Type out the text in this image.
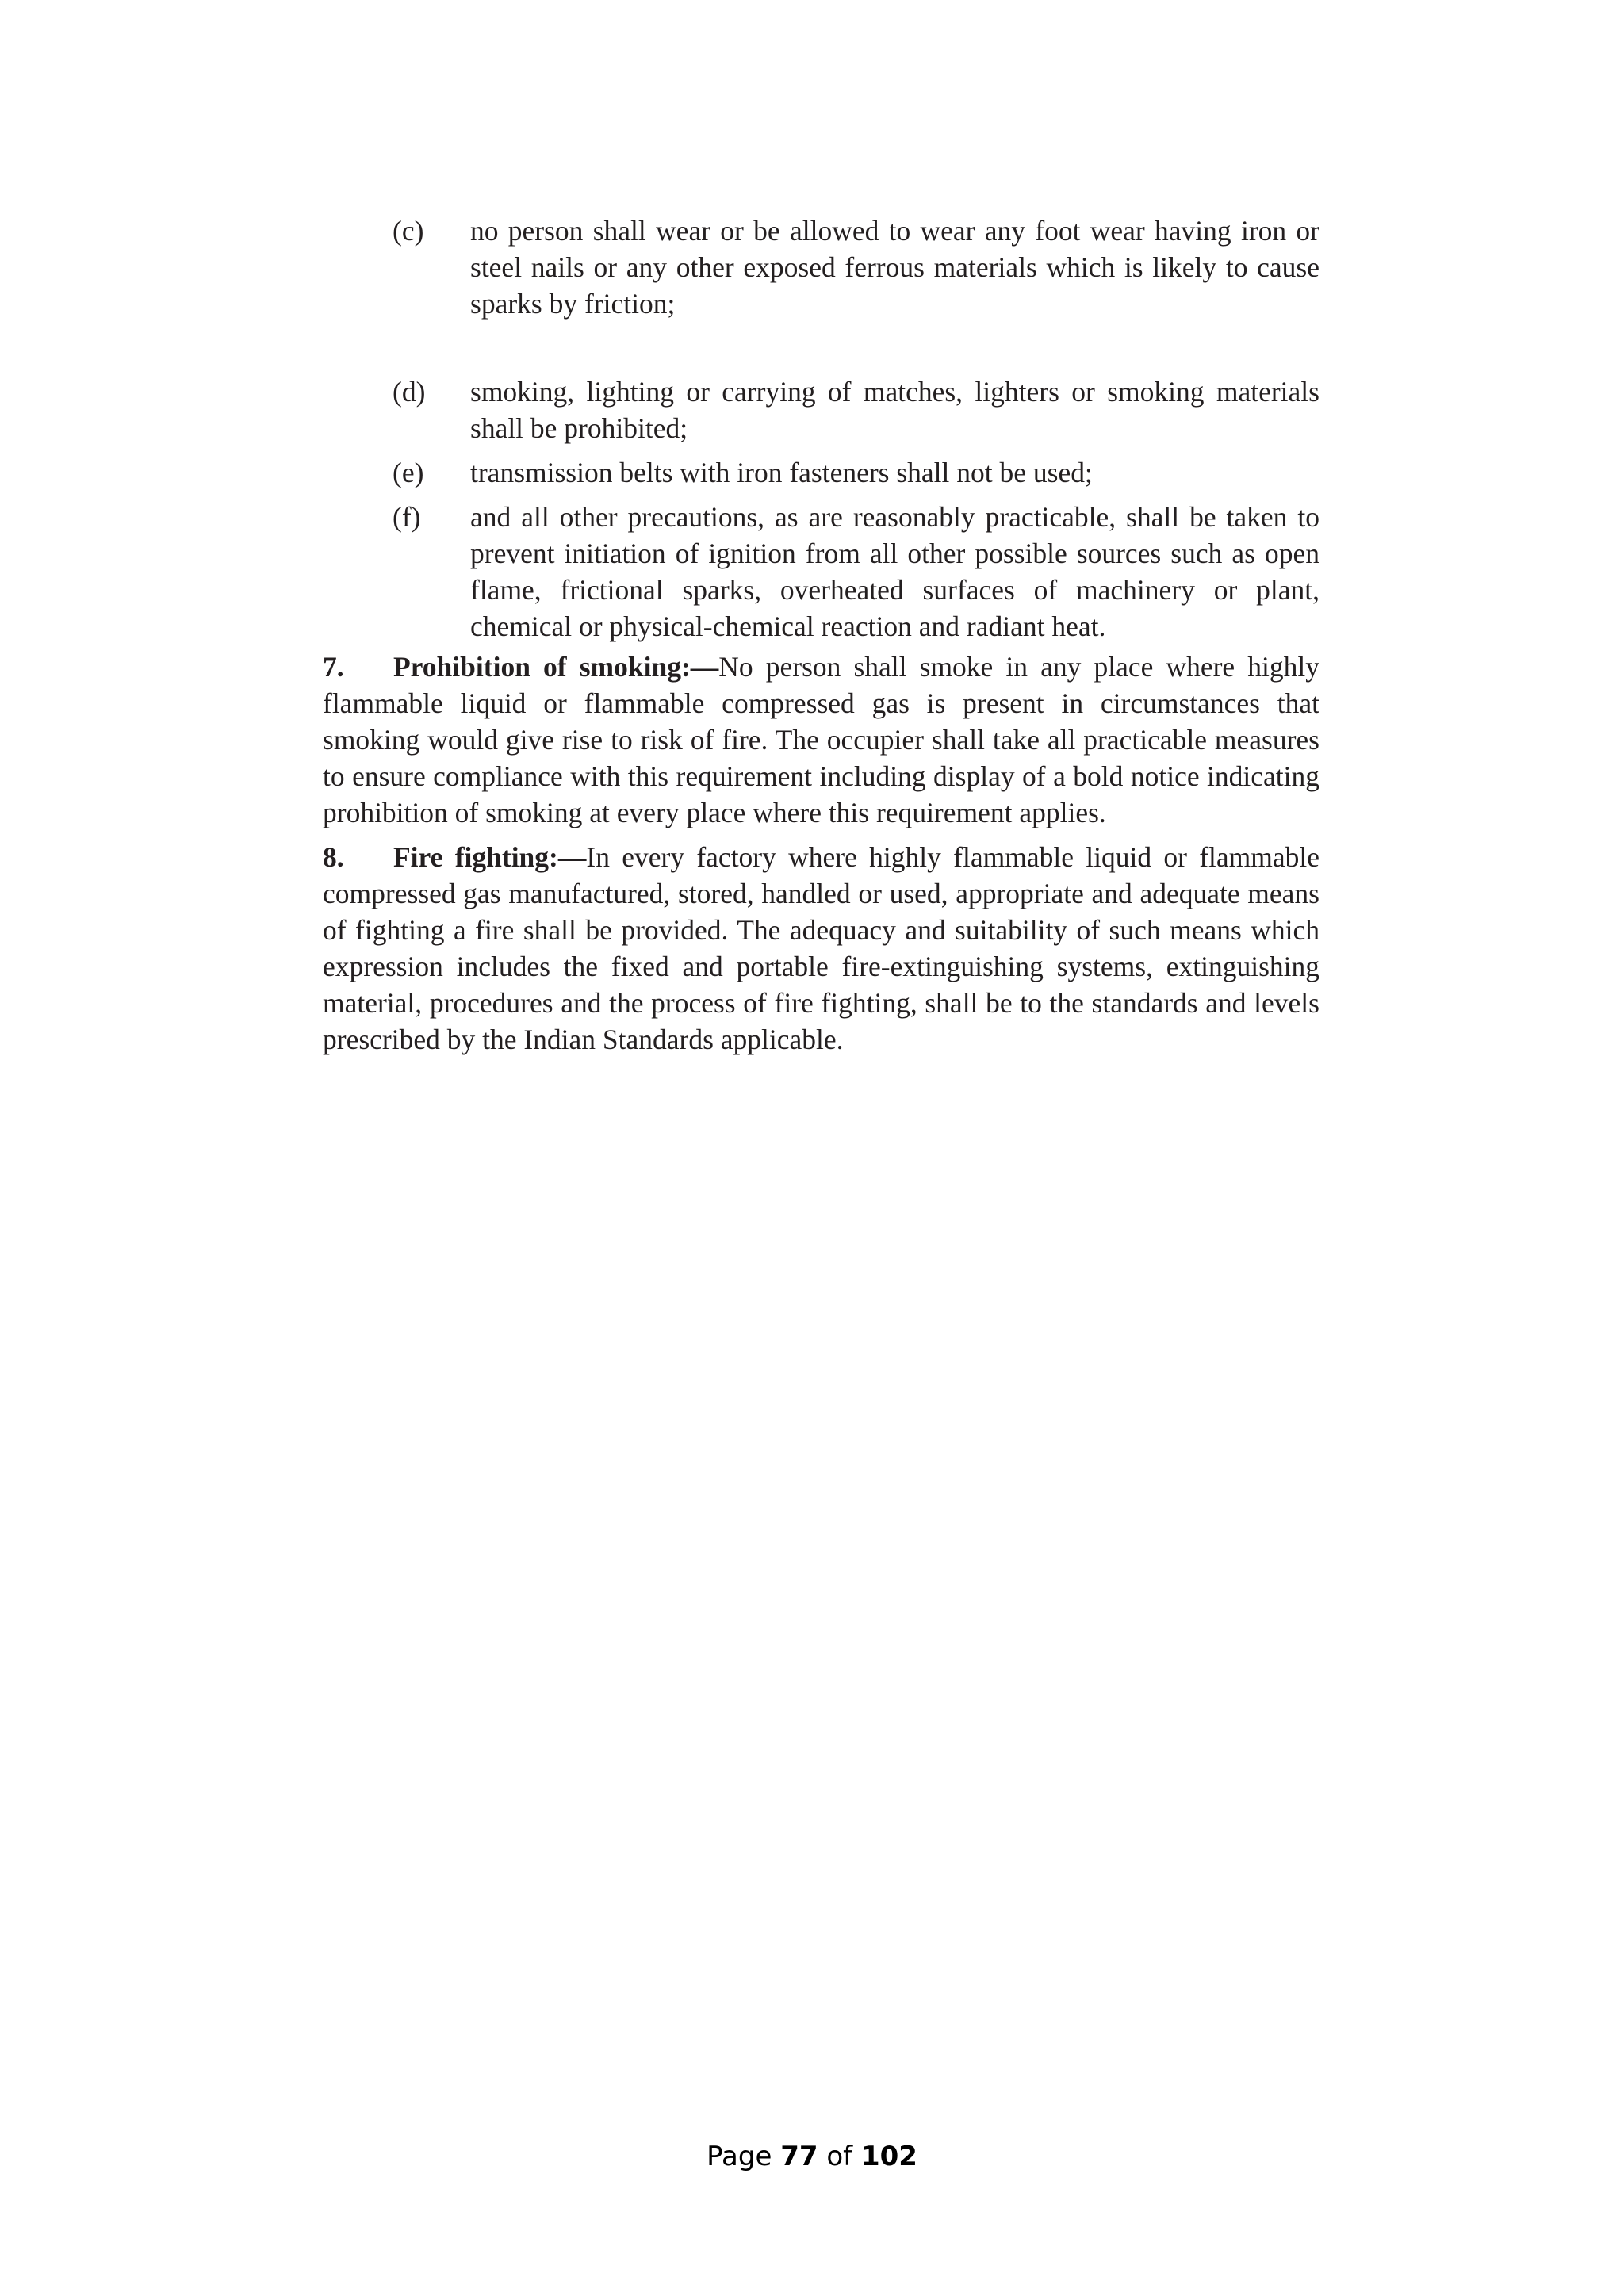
(c) no person shall wear or be allowed to wear any foot wear having iron or steel nails or any other exposed ferrous materials which is likely to cause sparks by friction;
(d) smoking, lighting or carrying of matches, lighters or smoking materials shall be prohibited;
(e) transmission belts with iron fasteners shall not be used;
(f) and all other precautions, as are reasonably practicable, shall be taken to prevent initiation of ignition from all other possible sources such as open flame, frictional sparks, overheated surfaces of machinery or plant, chemical or physical-chemical reaction and radiant heat.
7. Prohibition of smoking:—No person shall smoke in any place where highly flammable liquid or flammable compressed gas is present in circumstances that smoking would give rise to risk of fire. The occupier shall take all practicable measures to ensure compliance with this requirement including display of a bold notice indicating prohibition of smoking at every place where this requirement applies.
8. Fire fighting:—In every factory where highly flammable liquid or flammable compressed gas manufactured, stored, handled or used, appropriate and adequate means of fighting a fire shall be provided. The adequacy and suitability of such means which expression includes the fixed and portable fire-extinguishing systems, extinguishing material, procedures and the process of fire fighting, shall be to the standards and levels prescribed by the Indian Standards applicable.
Page 77 of 102
